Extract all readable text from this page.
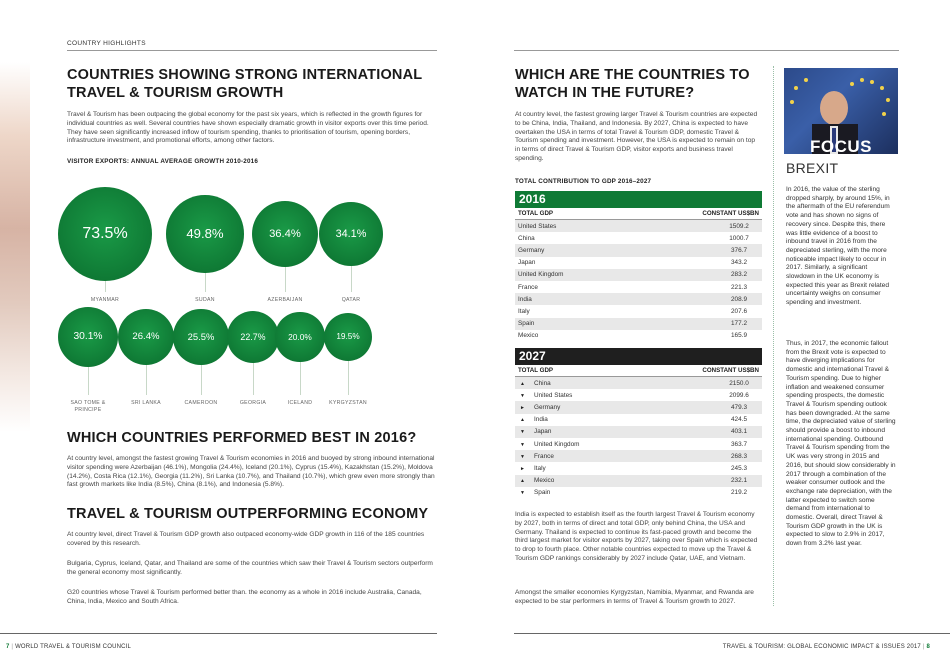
COUNTRY HIGHLIGHTS
COUNTRIES SHOWING STRONG INTERNATIONAL
TRAVEL & TOURISM GROWTH
Travel & Tourism has been outpacing the global economy for the past six years, which is reflected in the growth figures for individual countries as well. Several countries have shown especially dramatic growth in visitor exports over this time period. They have seen significantly increased inflow of tourism spending, thanks to prioritisation of tourism, opening borders, infrastructure investment, and promotional efforts, among other factors.
VISITOR EXPORTS: ANNUAL AVERAGE GROWTH 2010-2016
73.5%
MYANMAR
49.8%
SUDAN
36.4%
AZERBAIJAN
34.1%
QATAR
30.1%
SAO TOME &
PRINCIPE
26.4%
SRI LANKA
25.5%
CAMEROON
22.7%
GEORGIA
20.0%
ICELAND
19.5%
KYRGYZSTAN
WHICH COUNTRIES PERFORMED BEST IN 2016?
At country level, amongst the fastest growing Travel & Tourism economies in 2016 and buoyed by strong inbound international visitor spending were Azerbaijan (46.1%), Mongolia (24.4%), Iceland (20.1%), Cyprus (15.4%), Kazakhstan (15.2%), Moldova (14.2%), Costa Rica (12.1%), Georgia (11.2%), Sri Lanka (10.7%), and Thailand (10.7%), which grew even more strongly than fast growth markets like India (8.5%), China (8.1%), and Indonesia (5.8%).
TRAVEL & TOURISM OUTPERFORMING ECONOMY
At country level, direct Travel & Tourism GDP growth also outpaced economy-wide GDP growth in 116 of the 185 countries covered by this research.
Bulgaria, Cyprus, Iceland, Qatar, and Thailand are some of the countries which saw their Travel & Tourism sectors outperform the general economy most significantly.
G20 countries whose Travel & Tourism performed better than. the economy as a whole in 2016 include Australia, Canada, China, India, Mexico and South Africa.
WHICH ARE THE COUNTRIES TO
WATCH IN THE FUTURE?
At country level, the fastest growing larger Travel & Tourism countries are expected to be China, India, Thailand, and Indonesia. By 2027, China is expected to have overtaken the USA in terms of total Travel & Tourism GDP, domestic Travel & Tourism spending and investment. However, the USA is expected to remain on top in terms of direct Travel & Tourism GDP, visitor exports and business travel spending.
TOTAL CONTRIBUTION TO GDP 2016–2027
2016
TOTAL GDP	CONSTANT US$BN
United States	1509.2
China	1000.7
Germany	376.7
Japan	343.2
United Kingdom	283.2
France	221.3
India	208.9
Italy	207.6
Spain	177.2
Mexico	165.9
2027
TOTAL GDP	CONSTANT US$BN
▲ China	2150.0
▼ United States	2099.6
► Germany	479.3
▲ India	424.5
▼ Japan	403.1
▼ United Kingdom	363.7
▼ France	268.3
► Italy	245.3
▲ Mexico	232.1
▼ Spain	219.2
India is expected to establish itself as the fourth largest Travel & Tourism economy by 2027, both in terms of direct and total GDP, only behind China, the USA and Germany. Thailand is expected to continue its fast-paced growth and become the third largest market for visitor exports by 2027, taking over Spain which is expected to drop to fourth place. Other notable countries expected to move up the Travel & Tourism GDP rankings considerably by 2027 include Qatar, UAE, and Vietnam.
Amongst the smaller economies Kyrgyzstan, Namibia, Myanmar, and Rwanda are expected to be star performers in terms of Travel & Tourism growth to 2027.
FOCUS
BREXIT
In 2016, the value of the sterling dropped sharply, by around 15%, in the aftermath of the EU referendum vote and has shown no signs of recovery since. Despite this, there was little evidence of a boost to inbound travel in 2016 from the depreciated sterling, with the more noticeable impact likely to occur in 2017. Similarly, a significant slowdown in the UK economy is expected this year as Brexit related uncertainty weighs on consumer spending and investment.
Thus, in 2017, the economic fallout from the Brexit vote is expected to have diverging implications for domestic and international Travel & Tourism spending. Due to higher inflation and weakened consumer spending prospects, the domestic Travel & Tourism spending outlook has been downgraded. At the same time, the depreciated value of sterling should provide a boost to inbound international spending. Outbound Travel & Tourism spending from the UK was very strong in 2015 and 2016, but should slow considerably in 2017 through a combination of the weaker consumer outlook and the exchange rate depreciation, with the latter expected to switch some demand from international to domestic. Overall, direct Travel & Tourism GDP growth in the UK is expected to slow to 2.9% in 2017, down from 3.2% last year.
7 | WORLD TRAVEL & TOURISM COUNCIL	TRAVEL & TOURISM: GLOBAL ECONOMIC IMPACT & ISSUES 2017 | 8
